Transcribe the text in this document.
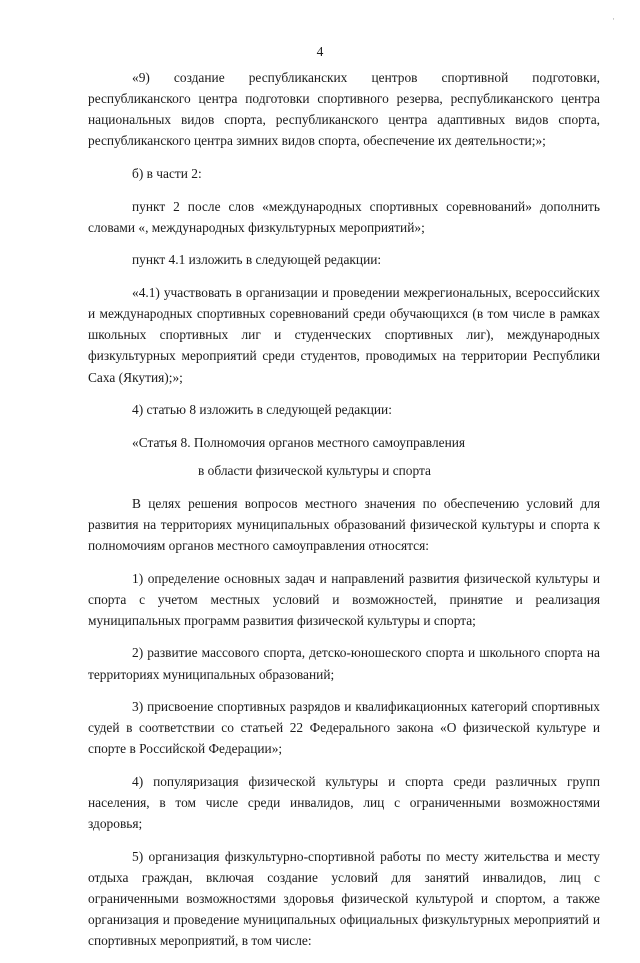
·
4

«9) создание республиканских центров спортивной подготовки, республиканского центра подготовки спортивного резерва, республиканского центра национальных видов спорта, республиканского центра адаптивных видов спорта, республиканского центра зимних видов спорта, обеспечение их деятельности;»;

б) в части 2:

пункт 2 после слов «международных спортивных соревнований» дополнить словами «, международных физкультурных мероприятий»;

пункт 4.1 изложить в следующей редакции:

«4.1) участвовать в организации и проведении межрегиональных, всероссийских и международных спортивных соревнований среди обучающихся (в том числе в рамках школьных спортивных лиг и студенческих спортивных лиг), международных физкультурных мероприятий среди студентов, проводимых на территории Республики Саха (Якутия);»;

4) статью 8 изложить в следующей редакции:

«Статья 8. Полномочия органов местного самоуправления

в области физической культуры и спорта

В целях решения вопросов местного значения по обеспечению условий для развития на территориях муниципальных образований физической культуры и спорта к полномочиям органов местного самоуправления относятся:

1) определение основных задач и направлений развития физической культуры и спорта с учетом местных условий и возможностей, принятие и реализация муниципальных программ развития физической культуры и спорта;

2) развитие массового спорта, детско-юношеского спорта и школьного спорта на территориях муниципальных образований;

3) присвоение спортивных разрядов и квалификационных категорий спортивных судей в соответствии со статьей 22 Федерального закона «О физической культуре и спорте в Российской Федерации»;

4) популяризация физической культуры и спорта среди различных групп населения, в том числе среди инвалидов, лиц с ограниченными возможностями здоровья;

5) организация физкультурно-спортивной работы по месту жительства и месту отдыха граждан, включая создание условий для занятий инвалидов, лиц с ограниченными возможностями здоровья физической культурой и спортом, а также организация и проведение муниципальных официальных физкультурных мероприятий и спортивных мероприятий, в том числе:
